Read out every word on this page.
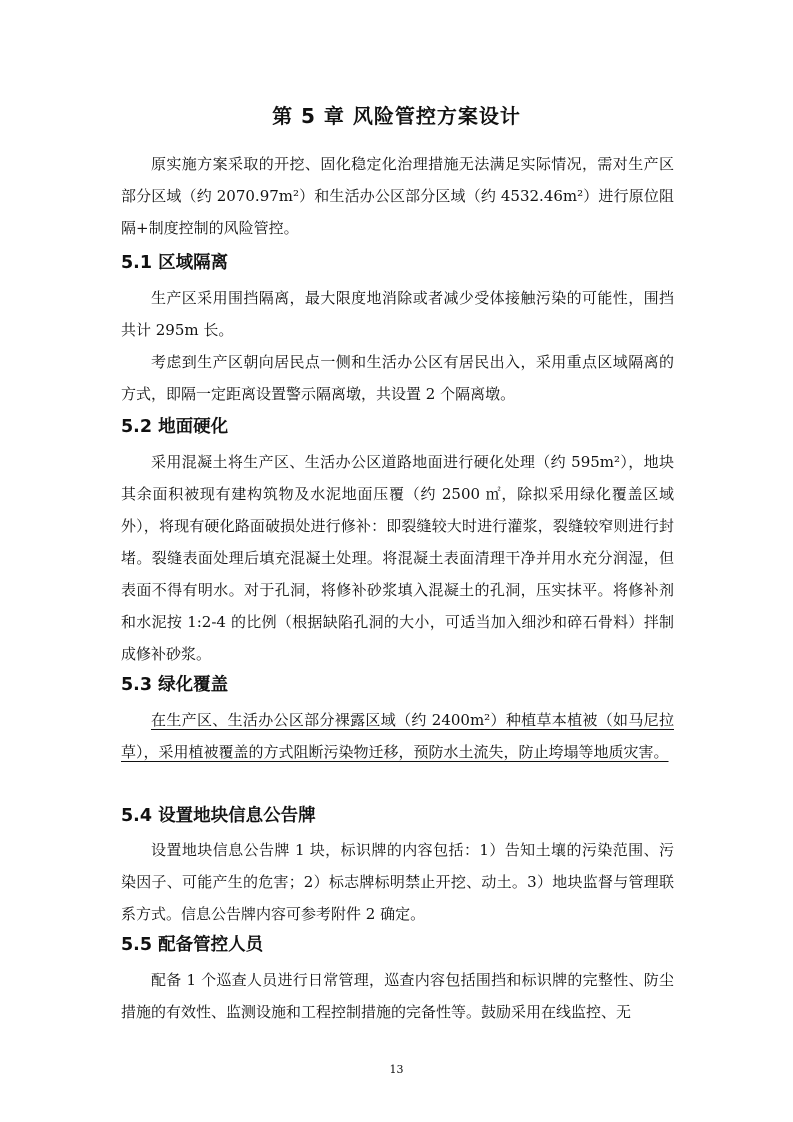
第 5 章 风险管控方案设计

原实施方案采取的开挖、固化稳定化治理措施无法满足实际情况，需对生产区部分区域（约 2070.97m²）和生活办公区部分区域（约 4532.46m²）进行原位阻隔+制度控制的风险管控。

5.1 区域隔离

生产区采用围挡隔离，最大限度地消除或者减少受体接触污染的可能性，围挡共计 295m 长。

考虑到生产区朝向居民点一侧和生活办公区有居民出入，采用重点区域隔离的方式，即隔一定距离设置警示隔离墩，共设置 2 个隔离墩。

5.2 地面硬化

采用混凝土将生产区、生活办公区道路地面进行硬化处理（约 595m²），地块其余面积被现有建构筑物及水泥地面压覆（约 2500 ㎡，除拟采用绿化覆盖区域外），将现有硬化路面破损处进行修补：即裂缝较大时进行灌浆，裂缝较窄则进行封堵。裂缝表面处理后填充混凝土处理。将混凝土表面清理干净并用水充分润湿，但表面不得有明水。对于孔洞，将修补砂浆填入混凝土的孔洞，压实抹平。将修补剂和水泥按 1:2-4 的比例（根据缺陷孔洞的大小，可适当加入细沙和碎石骨料）拌制成修补砂浆。

5.3 绿化覆盖

在生产区、生活办公区部分裸露区域（约 2400m²）种植草本植被（如马尼拉草），采用植被覆盖的方式阻断污染物迁移，预防水土流失，防止垮塌等地质灾害。

5.4 设置地块信息公告牌

设置地块信息公告牌 1 块，标识牌的内容包括：1）告知土壤的污染范围、污染因子、可能产生的危害；2）标志牌标明禁止开挖、动土。3）地块监督与管理联系方式。信息公告牌内容可参考附件 2 确定。

5.5 配备管控人员

配备 1 个巡查人员进行日常管理，巡查内容包括围挡和标识牌的完整性、防尘措施的有效性、监测设施和工程控制措施的完备性等。鼓励采用在线监控、无

13
